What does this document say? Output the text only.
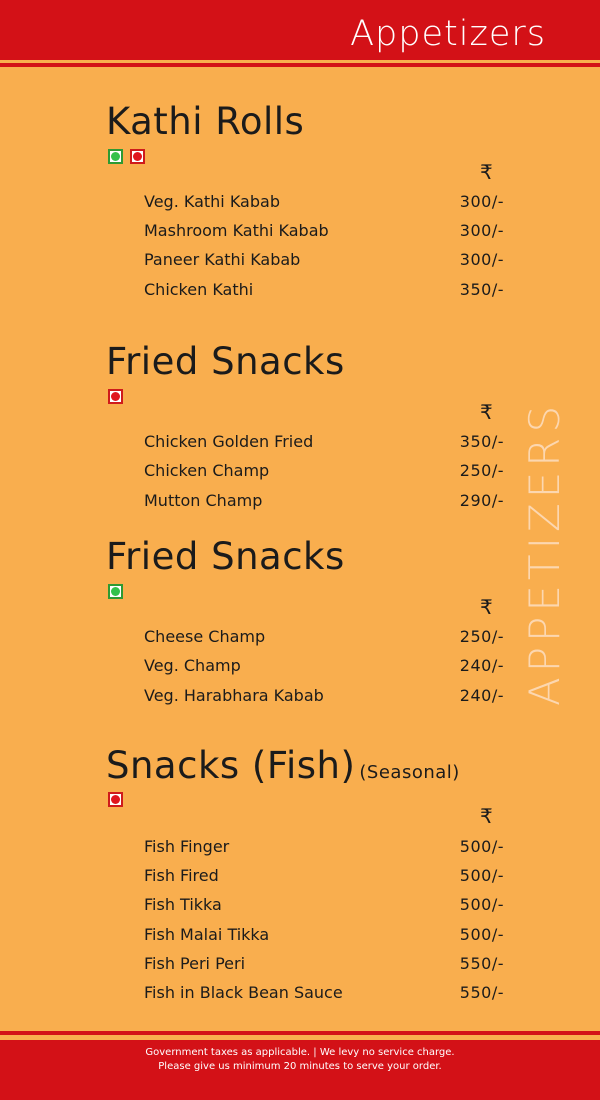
Appetizers
Kathi Rolls
₹
Veg. Kathi Kabab	300/-
Mashroom Kathi Kabab	300/-
Paneer Kathi Kabab	300/-
Chicken Kathi	350/-
Fried Snacks
₹
Chicken Golden Fried	350/-
Chicken Champ	250/-
Mutton Champ	290/-
Fried Snacks
₹
Cheese Champ	250/-
Veg. Champ	240/-
Veg. Harabhara Kabab	240/-
Snacks (Fish) (Seasonal)
₹
Fish Finger	500/-
Fish Fired	500/-
Fish Tikka	500/-
Fish Malai Tikka	500/-
Fish Peri Peri	550/-
Fish in Black Bean Sauce	550/-
APPETIZERS
Government taxes as applicable. | We levy no service charge.
Please give us minimum 20 minutes to serve your order.
